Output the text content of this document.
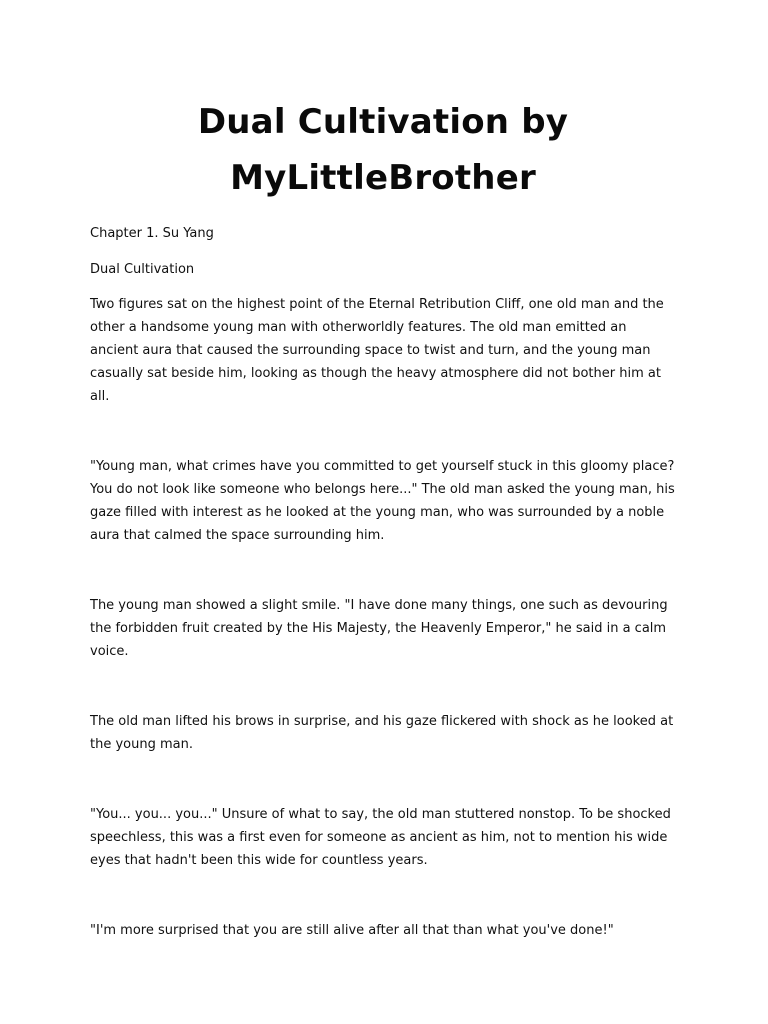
Dual Cultivation by
MyLittleBrother

Chapter 1. Su Yang

Dual Cultivation

Two figures sat on the highest point of the Eternal Retribution Cliff, one old man and the other a handsome young man with otherworldly features. The old man emitted an ancient aura that caused the surrounding space to twist and turn, and the young man casually sat beside him, looking as though the heavy atmosphere did not bother him at all.

"Young man, what crimes have you committed to get yourself stuck in this gloomy place? You do not look like someone who belongs here..." The old man asked the young man, his gaze filled with interest as he looked at the young man, who was surrounded by a noble aura that calmed the space surrounding him.

The young man showed a slight smile. "I have done many things, one such as devouring the forbidden fruit created by the His Majesty, the Heavenly Emperor," he said in a calm voice.

The old man lifted his brows in surprise, and his gaze flickered with shock as he looked at the young man.

"You... you... you..." Unsure of what to say, the old man stuttered nonstop. To be shocked speechless, this was a first even for someone as ancient as him, not to mention his wide eyes that hadn't been this wide for countless years.

"I'm more surprised that you are still alive after all that than what you've done!"
